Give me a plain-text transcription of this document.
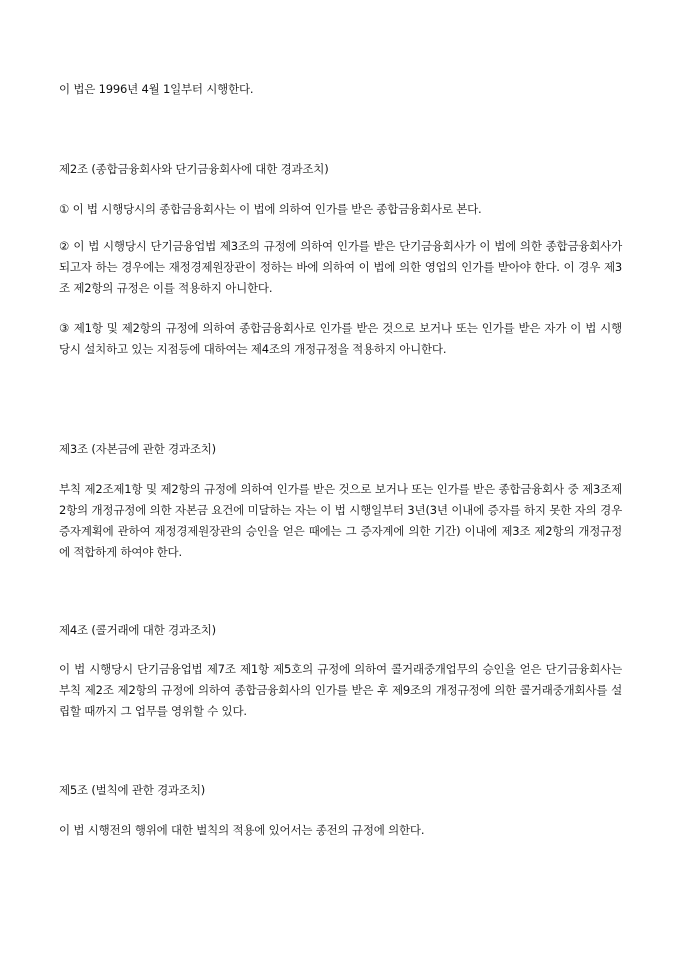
이 법은 1996년 4월 1일부터 시행한다.

제2조 (종합금융회사와 단기금융회사에 대한 경과조치)

① 이 법 시행당시의 종합금융회사는 이 법에 의하여 인가를 받은 종합금융회사로 본다.

② 이 법 시행당시 단기금융업법 제3조의 규정에 의하여 인가를 받은 단기금융회사가 이 법에 의한 종합금융회사가 되고자 하는 경우에는 재정경제원장관이 정하는 바에 의하여 이 법에 의한 영업의 인가를 받아야 한다. 이 경우 제3조 제2항의 규정은 이를 적용하지 아니한다.

③ 제1항 및 제2항의 규정에 의하여 종합금융회사로 인가를 받은 것으로 보거나 또는 인가를 받은 자가 이 법 시행당시 설치하고 있는 지점등에 대하여는 제4조의 개정규정을 적용하지 아니한다.

제3조 (자본금에 관한 경과조치)

부칙 제2조제1항 및 제2항의 규정에 의하여 인가를 받은 것으로 보거나 또는 인가를 받은 종합금융회사 중 제3조제2항의 개정규정에 의한 자본금 요건에 미달하는 자는 이 법 시행일부터 3년(3년 이내에 증자를 하지 못한 자의 경우 증자계획에 관하여 재정경제원장관의 승인을 얻은 때에는 그 증자계에 의한 기간) 이내에 제3조 제2항의 개정규정에 적합하게 하여야 한다.

제4조 (콜거래에 대한 경과조치)

이 법 시행당시 단기금융업법 제7조 제1항 제5호의 규정에 의하여 콜거래중개업무의 승인을 얻은 단기금융회사는 부칙 제2조 제2항의 규정에 의하여 종합금융회사의 인가를 받은 후 제9조의 개정규정에 의한 콜거래중개회사를 설립할 때까지 그 업무를 영위할 수 있다.

제5조 (벌칙에 관한 경과조치)

이 법 시행전의 행위에 대한 벌칙의 적용에 있어서는 종전의 규정에 의한다.
